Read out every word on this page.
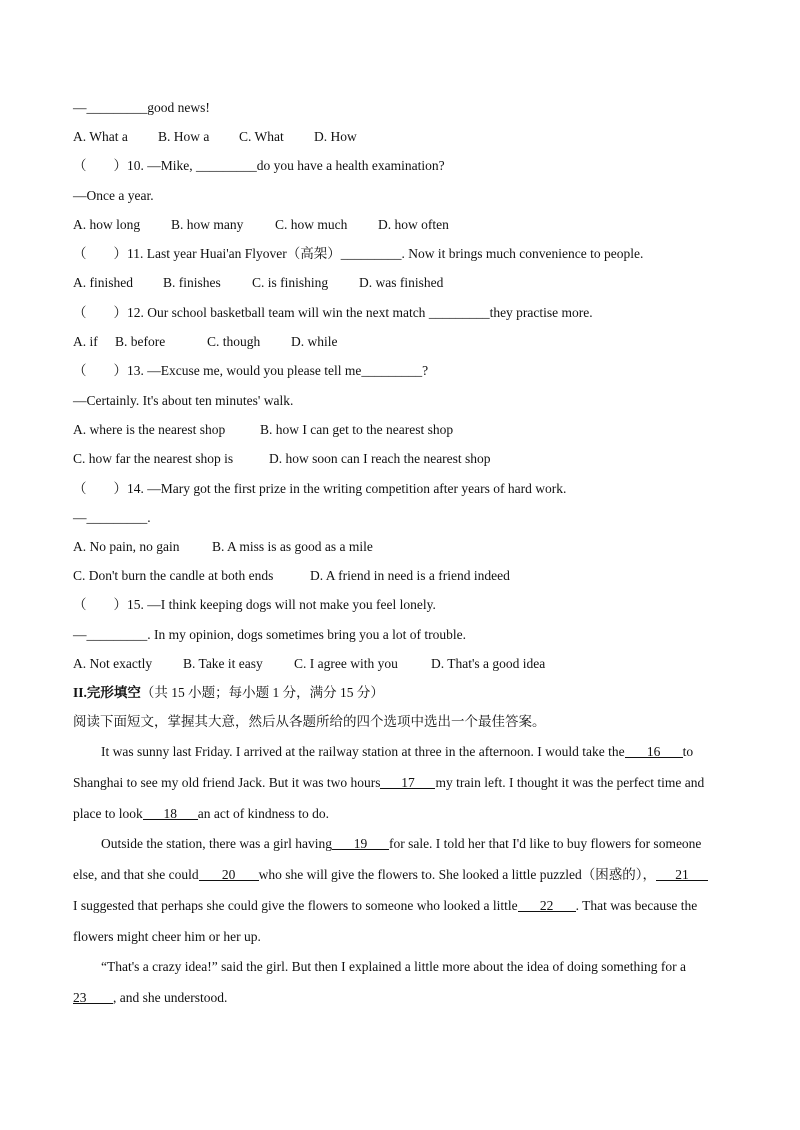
—_________good news!
A. What a B. How a C. What D. How
（　　）10. —Mike, _________do you have a health examination?
—Once a year.
A. how long B. how many C. how much D. how often
（　　）11. Last year Huai'an Flyover（高架）_________. Now it brings much convenience to people.
A. finished B. finishes C. is finishing D. was finished
（　　）12. Our school basketball team will win the next match _________they practise more.
A. if B. before	C. though D. while
（　　）13. —Excuse me, would you please tell me_________?
—Certainly. It's about ten minutes' walk.
A. where is the nearest shop	B. how I can get to the nearest shop
C. how far the nearest shop is	D. how soon can I reach the nearest shop
（　　）14. —Mary got the first prize in the writing competition after years of hard work.
—_________.
A. No pain, no gain B. A miss is as good as a mile
C. Don't burn the candle at both ends	D. A friend in need is a friend indeed
（　　）15. —I think keeping dogs will not make you feel lonely.
—_________. In my opinion, dogs sometimes bring you a lot of trouble.
A. Not exactly B. Take it easy C. I agree with you D. That's a good idea
II.完形填空（共 15 小题；每小题 1 分，满分 15 分）
阅读下面短文，掌握其大意，然后从各题所给的四个选项中选出一个最佳答案。
It was sunny last Friday. I arrived at the railway station at three in the afternoon. I would take the 16 to
Shanghai to see my old friend Jack. But it was two hours 17 my train left. I thought it was the perfect time and
place to look 18 an act of kindness to do.
Outside the station, there was a girl having 19 for sale. I told her that I'd like to buy flowers for someone
else, and that she could 20 who she will give the flowers to. She looked a little puzzled（困惑的）， 21
I suggested that perhaps she could give the flowers to someone who looked a little 22 . That was because the
flowers might cheer him or her up.
“That's a crazy idea!” said the girl. But then I explained a little more about the idea of doing something for a
23 , and she understood.
